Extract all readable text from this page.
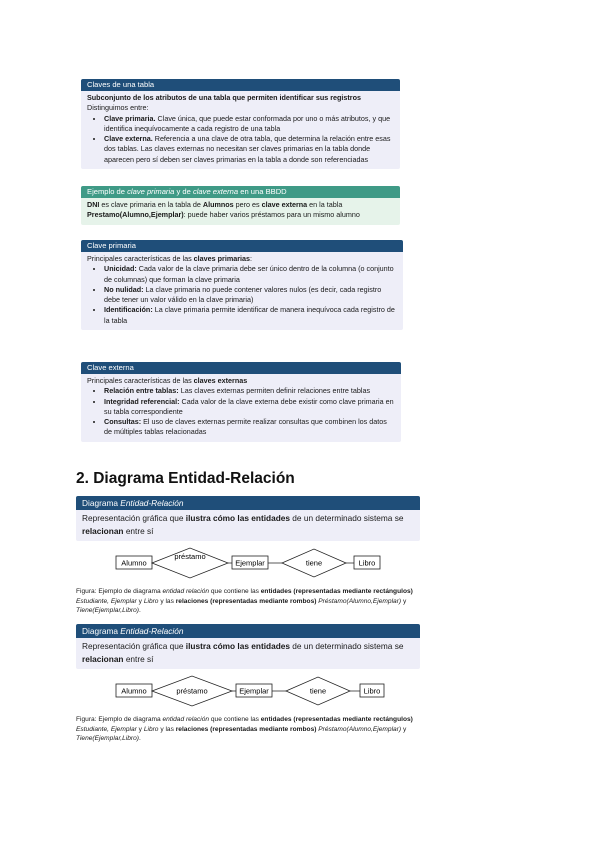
Claves de una tabla
Subconjunto de los atributos de una tabla que permiten identificar sus registros
Distinguimos entre:
• Clave primaria. Clave única, que puede estar conformada por uno o más atributos, y que identifica inequívocamente a cada registro de una tabla
• Clave externa. Referencia a una clave de otra tabla, que determina la relación entre esas dos tablas. Las claves externas no necesitan ser claves primarias en la tabla donde aparecen pero sí deben ser claves primarias en la tabla a donde son referenciadas
Ejemplo de clave primaria y de clave externa en una BBDD
DNI es clave primaria en la tabla de Alumnos pero es clave externa en la tabla
Prestamo(Alumno,Ejemplar): puede haber varios préstamos para un mismo alumno
Clave primaria
Principales características de las claves primarias:
• Unicidad: Cada valor de la clave primaria debe ser único dentro de la columna (o conjunto de columnas) que forman la clave primaria
• No nulidad: La clave primaria no puede contener valores nulos (es decir, cada registro debe tener un valor válido en la clave primaria)
• Identificación: La clave primaria permite identificar de manera inequívoca cada registro de la tabla
Clave externa
Principales características de las claves externas
• Relación entre tablas: Las claves externas permiten definir relaciones entre tablas
• Integridad referencial: Cada valor de la clave externa debe existir como clave primaria en su tabla correspondiente
• Consultas: El uso de claves externas permite realizar consultas que combinen los datos de múltiples tablas relacionadas
2. Diagrama Entidad-Relación
Diagrama Entidad-Relación
Representación gráfica que ilustra cómo las entidades de un determinado sistema se relacionan entre sí
Alumno
préstamo
Ejemplar	tiene	Libro
Figura: Ejemplo de diagrama entidad relación que contiene las entidades (representadas mediante rectángulos) Estudiante, Ejemplar y Libro y las relaciones (representadas mediante rombos) Préstamo(Alumno,Ejemplar) y Tiene(Ejemplar,Libro).
Diagrama Entidad-Relación
Representación gráfica que ilustra cómo las entidades de un determinado sistema se relacionan entre sí
Alumno	préstamo	Ejemplar	tiene	Libro
Figura: Ejemplo de diagrama entidad relación que contiene las entidades (representadas mediante rectángulos) Estudiante, Ejemplar y Libro y las relaciones (representadas mediante rombos) Préstamo(Alumno,Ejemplar) y Tiene(Ejemplar,Libro).
